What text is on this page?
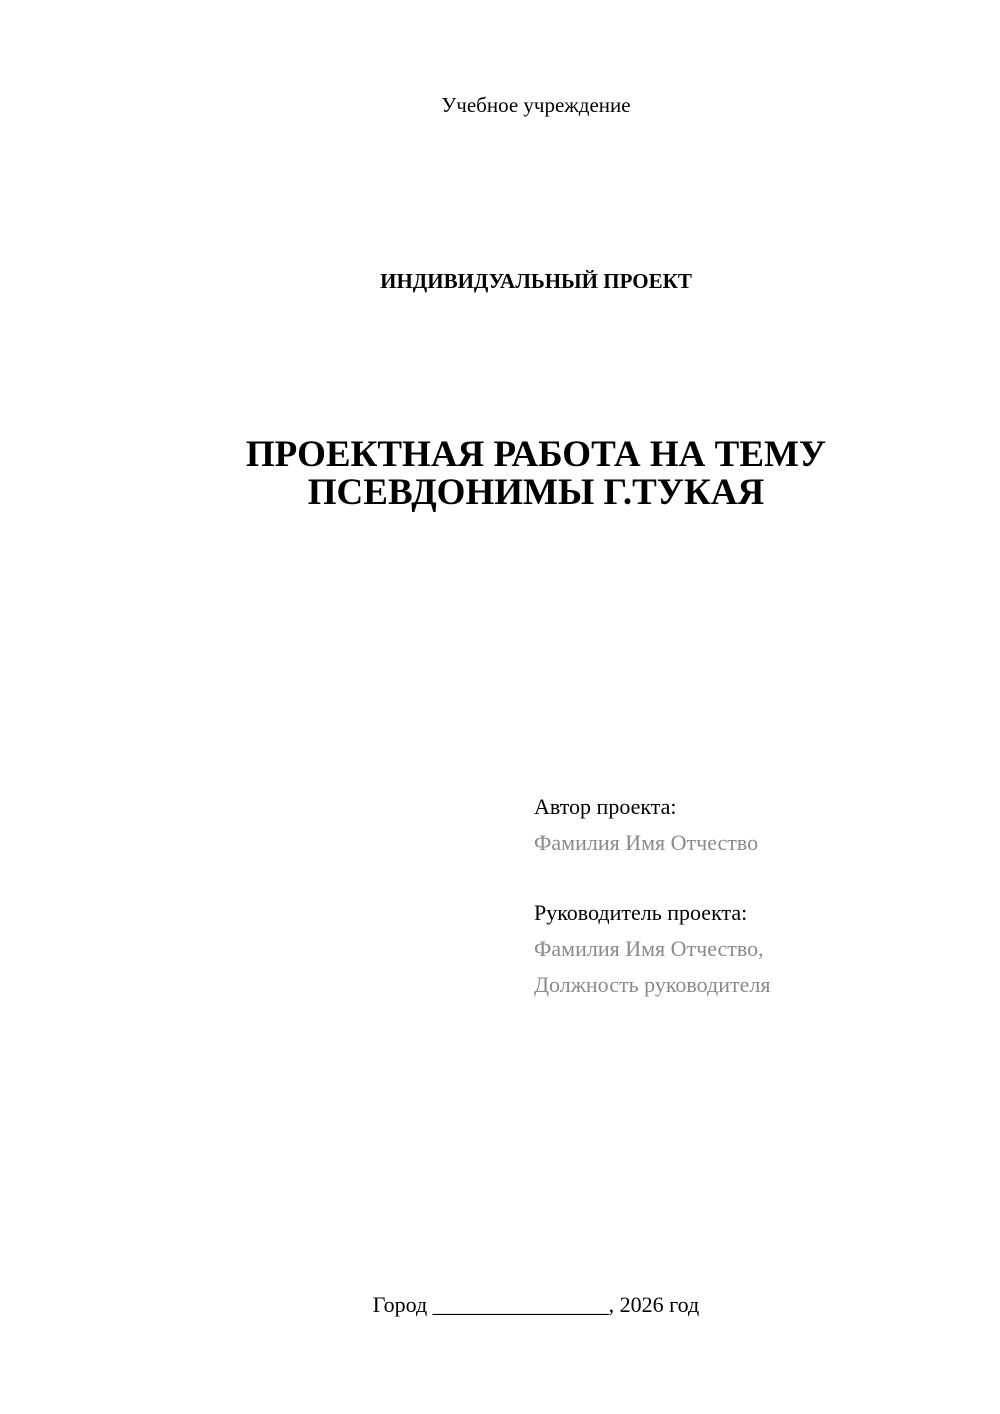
Учебное учреждение
ИНДИВИДУАЛЬНЫЙ ПРОЕКТ
ПРОЕКТНАЯ РАБОТА НА ТЕМУ
ПСЕВДОНИМЫ Г.ТУКАЯ
Автор проекта:
Фамилия Имя Отчество
Руководитель проекта:
Фамилия Имя Отчество,
Должность руководителя
Город ________________, 2026 год
